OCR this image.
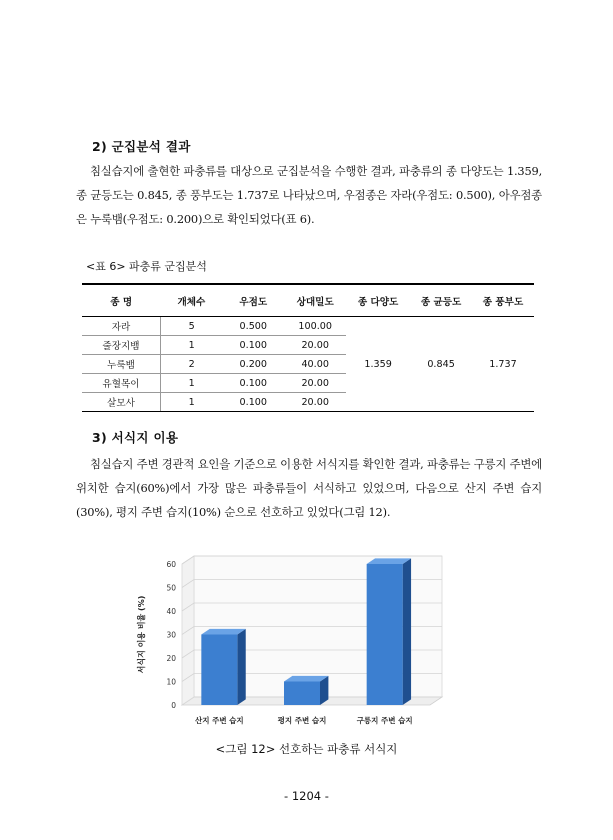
2) 군집분석 결과

침실습지에 출현한 파충류를 대상으로 군집분석을 수행한 결과, 파충류의 종 다양도는 1.359, 종 균등도는 0.845, 종 풍부도는 1.737로 나타났으며, 우점종은 자라(우점도: 0.500), 아우점종은 누룩뱀(우점도: 0.200)으로 확인되었다(표 6).

<표 6> 파충류 군집분석
종 명	개체수	우점도	상대밀도	종 다양도	종 균등도	종 풍부도
자라	5	0.500	100.00	1.359	0.845	1.737
줄장지뱀	1	0.100	20.00			
누룩뱀	2	0.200	40.00			
유혈목이	1	0.100	20.00			
살모사	1	0.100	20.00			
3) 서식지 이용

침실습지 주변 경관적 요인을 기준으로 이용한 서식지를 확인한 결과, 파충류는 구릉지 주변에 위치한 습지(60%)에서 가장 많은 파충류들이 서식하고 있었으며, 다음으로 산지 주변 습지(30%), 평지 주변 습지(10%) 순으로 선호하고 있었다(그림 12).

0
10
20
30
40
50
60
서식지 이용 비율 (%)
산지 주변 습지	평지 주변 습지	구릉지 주변 습지
<그림 12> 선호하는 파충류 서식지
- 1204 -
